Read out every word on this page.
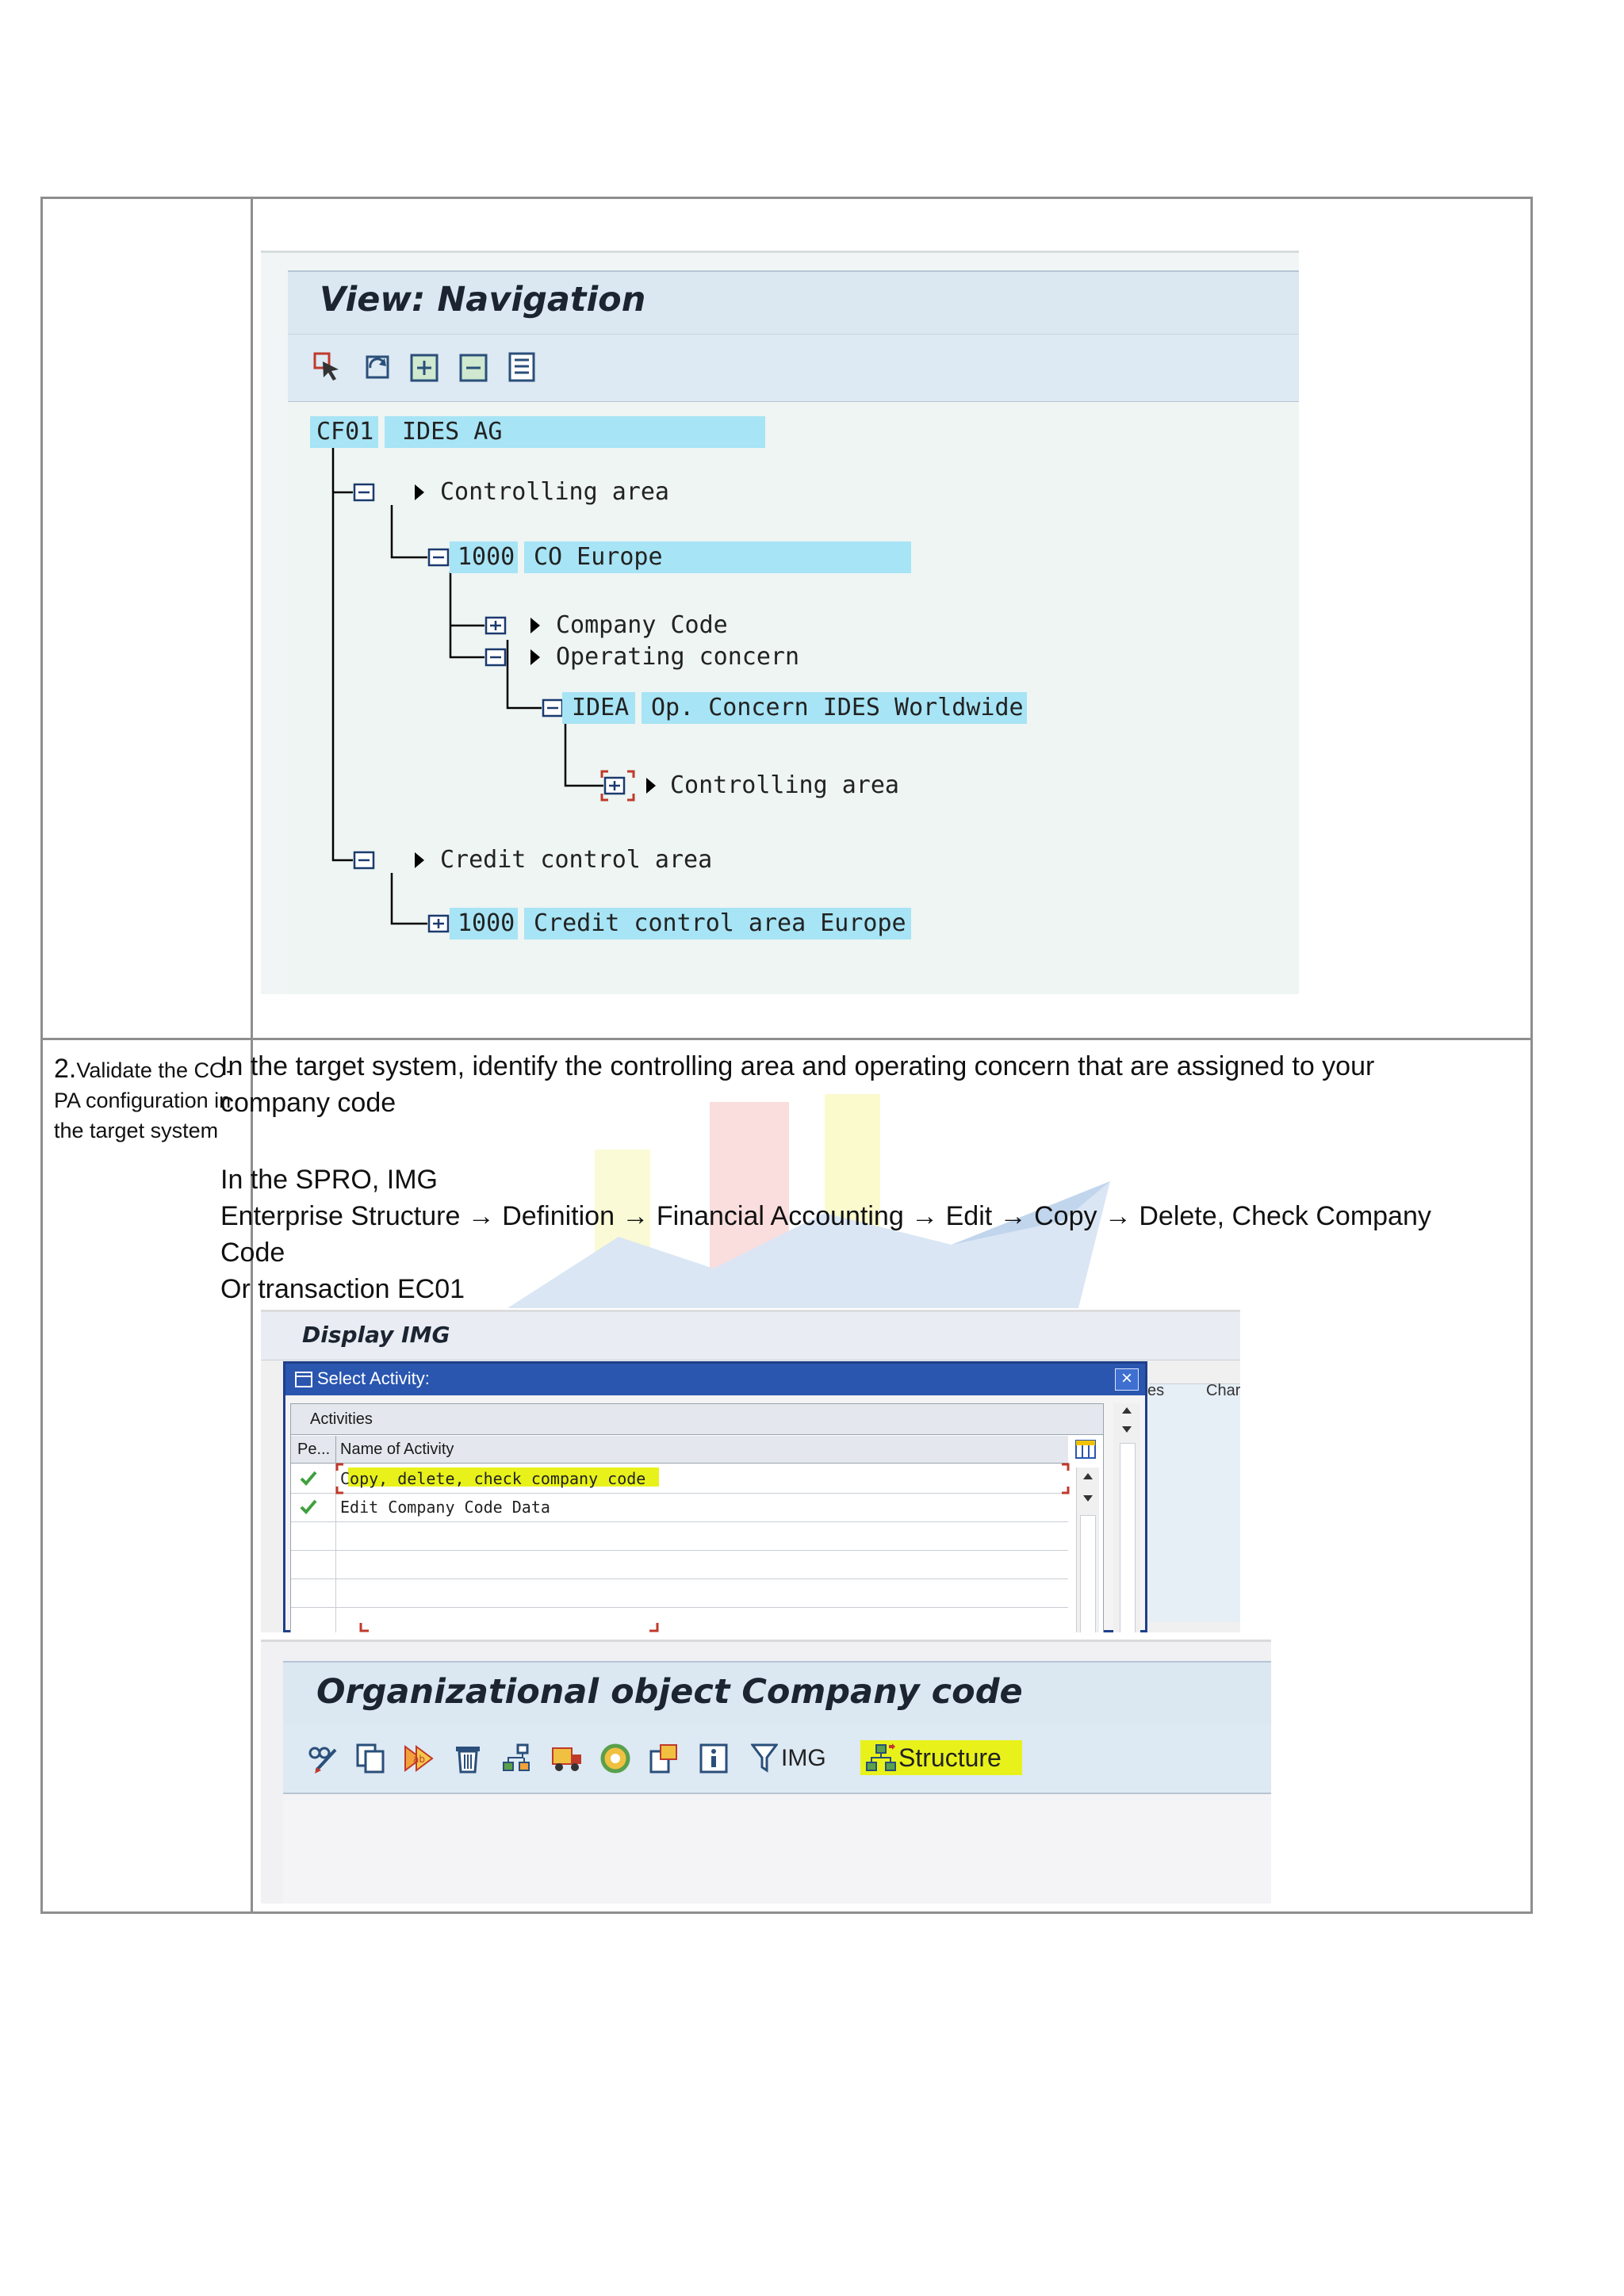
2.Validate the CO-PA configuration in the target system
In the target system, identify the controlling area and operating concern that are assigned to your company code
In the SPRO, IMG
Enterprise Structure → Definition → Financial Accounting → Edit → Copy → Delete, Check Company Code
Or transaction EC01
View: Navigation
CF01 IDES AG
Controlling area
1000 CO Europe
Company Code
Operating concern
IDEA Op. Concern IDES Worldwide
Controlling area
Credit control area
1000 Credit control area Europe
Display IMG
es	Char
Select Activity:	×
Activities
Pe... Name of Activity
Copy, delete, check company code
Edit Company Code Data
Organizational object Company code
ab	IMG	Structure
